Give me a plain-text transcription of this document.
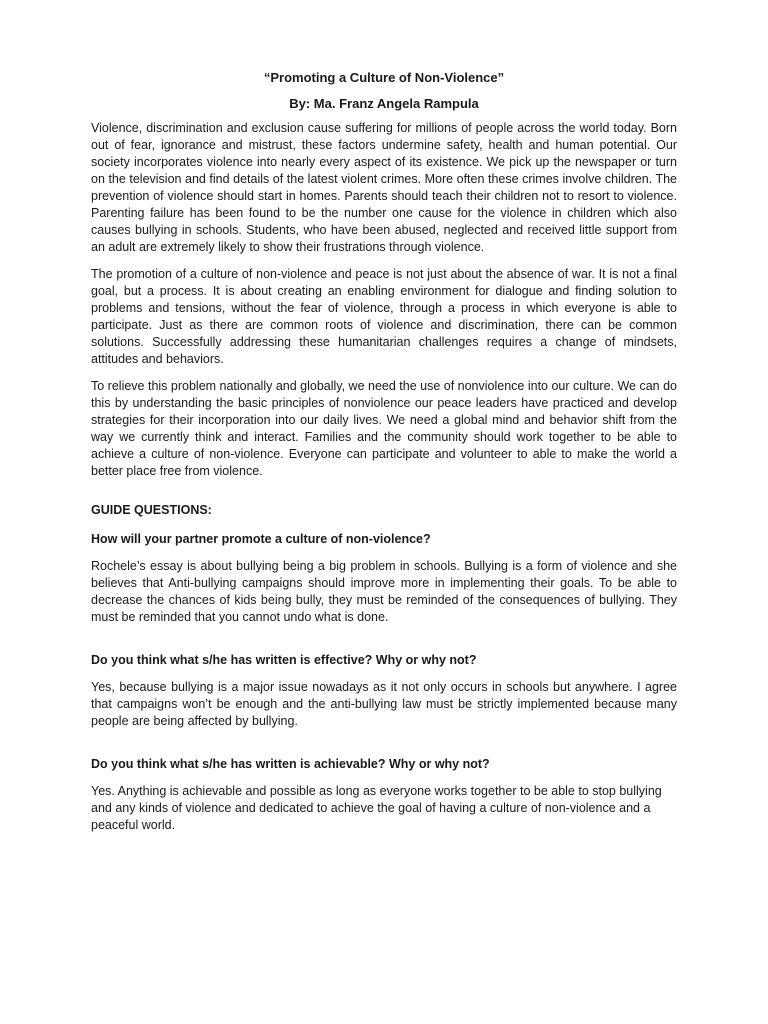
“Promoting a Culture of Non-Violence”
By: Ma. Franz Angela Rampula

Violence, discrimination and exclusion cause suffering for millions of people across the world today. Born out of fear, ignorance and mistrust, these factors undermine safety, health and human potential. Our society incorporates violence into nearly every aspect of its existence. We pick up the newspaper or turn on the television and find details of the latest violent crimes. More often these crimes involve children. The prevention of violence should start in homes. Parents should teach their children not to resort to violence. Parenting failure has been found to be the number one cause for the violence in children which also causes bullying in schools. Students, who have been abused, neglected and received little support from an adult are extremely likely to show their frustrations through violence.

The promotion of a culture of non-violence and peace is not just about the absence of war. It is not a final goal, but a process. It is about creating an enabling environment for dialogue and finding solution to problems and tensions, without the fear of violence, through a process in which everyone is able to participate. Just as there are common roots of violence and discrimination, there can be common solutions. Successfully addressing these humanitarian challenges requires a change of mindsets, attitudes and behaviors.

To relieve this problem nationally and globally, we need the use of nonviolence into our culture. We can do this by understanding the basic principles of nonviolence our peace leaders have practiced and develop strategies for their incorporation into our daily lives. We need a global mind and behavior shift from the way we currently think and interact. Families and the community should work together to be able to achieve a culture of non-violence. Everyone can participate and volunteer to able to make the world a better place free from violence.

GUIDE QUESTIONS:
How will your partner promote a culture of non-violence?

Rochele’s essay is about bullying being a big problem in schools. Bullying is a form of violence and she believes that Anti-bullying campaigns should improve more in implementing their goals. To be able to decrease the chances of kids being bully, they must be reminded of the consequences of bullying. They must be reminded that you cannot undo what is done.

Do you think what s/he has written is effective? Why or why not?

Yes, because bullying is a major issue nowadays as it not only occurs in schools but anywhere. I agree that campaigns won’t be enough and the anti-bullying law must be strictly implemented because many people are being affected by bullying.

Do you think what s/he has written is achievable? Why or why not?

Yes. Anything is achievable and possible as long as everyone works together to be able to stop bullying and any kinds of violence and dedicated to achieve the goal of having a culture of non-violence and a peaceful world.
